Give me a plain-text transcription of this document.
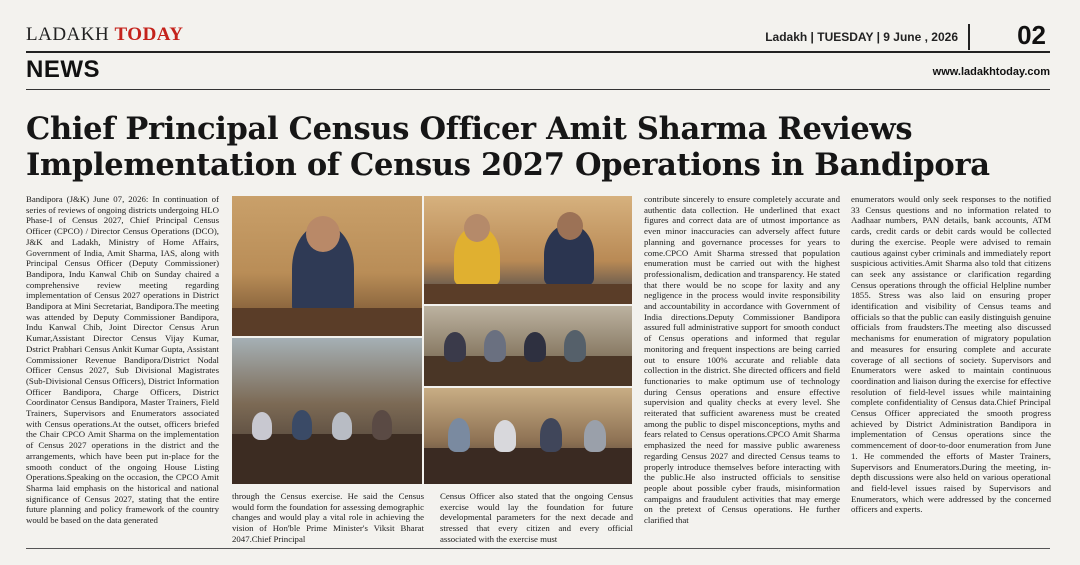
LADAKH TODAY	Ladakh | TUESDAY | 9 June , 2026 02
NEWS	www.ladakhtoday.com
Chief Principal Census Officer Amit Sharma Reviews
Implementation of Census 2027 Operations in Bandipora
Bandipora (J&K) June 07, 2026: In continuation of series of reviews of ongoing districts undergoing HLO Phase-I of Census 2027, Chief Principal Census Officer (CPCO) / Director Census Operations (DCO), J&K and Ladakh, Ministry of Home Affairs, Government of India, Amit Sharma, IAS, along with Principal Census Officer (Deputy Commissioner) Bandipora, Indu Kanwal Chib on Sunday chaired a comprehensive review meeting regarding implementation of Census 2027 operations in District Bandipora at Mini Secretariat, Bandipora.The meeting was attended by Deputy Commissioner Bandipora, Indu Kanwal Chib, Joint Director Census Arun Kumar,Assistant Director Census Vijay Kumar, Dstrict Prabhari Census Ankit Kumar Gupta, Assistant Commissioner Revenue Bandipora/District Nodal Officer Census 2027, Sub Divisional Magistrates (Sub-Divisional Census Officers), District Information Officer Bandipora, Charge Officers, District Coordinator Census Bandipora, Master Trainers, Field Trainers, Supervisors and Enumerators associated with Census operations.At the outset, officers briefed the Chair CPCO Amit Sharma on the implementation of Census 2027 operations in the district and the arrangements, which have been put in-place for the smooth conduct of the ongoing House Listing Operations.Speaking on the occasion, the CPCO Amit Sharma laid emphasis on the historical and national significance of Census 2027, stating that the entire future planning and policy framework of the country would be based on the data generated
through the Census exercise. He said the Census would form the foundation for assessing demographic changes and would play a vital role in achieving the vision of Hon'ble Prime Minister's Viksit Bharat 2047.Chief Principal
Census Officer also stated that the ongoing Census exercise would lay the foundation for future developmental parameters for the next decade and stressed that every citizen and every official associated with the exercise must
contribute sincerely to ensure completely accurate and authentic data collection. He underlined that exact figures and correct data are of utmost importance as even minor inaccuracies can adversely affect future planning and governance processes for years to come.CPCO Amit Sharma stressed that population enumeration must be carried out with the highest professionalism, dedication and transparency. He stated that there would be no scope for laxity and any negligence in the process would invite responsibility and accountability in accordance with Government of India directions.Deputy Commissioner Bandipora assured full administrative support for smooth conduct of Census operations and informed that regular monitoring and frequent inspections are being carried out to ensure 100% accurate and reliable data collection in the district. She directed officers and field functionaries to make optimum use of technology during Census operations and ensure effective supervision and quality checks at every level. She reiterated that sufficient awareness must be created among the public to dispel misconceptions, myths and fears related to Census operations.CPCO Amit Sharma emphasized the need for massive public awareness regarding Census 2027 and directed Census teams to properly introduce themselves before interacting with the public.He also instructed officials to sensitise people about possible cyber frauds, misinformation campaigns and fraudulent activities that may emerge on the pretext of Census operations. He further clarified that
enumerators would only seek responses to the notified 33 Census questions and no information related to Aadhaar numbers, PAN details, bank accounts, ATM cards, credit cards or debit cards would be collected during the exercise. People were advised to remain cautious against cyber criminals and immediately report suspicious activities.Amit Sharma also told that citizens can seek any assistance or clarification regarding Census operations through the official Helpline number 1855. Stress was also laid on ensuring proper identification and visibility of Census teams and officials so that the public can easily distinguish genuine officials from fraudsters.The meeting also discussed mechanisms for enumeration of migratory population and measures for ensuring complete and accurate coverage of all sections of society. Supervisors and Enumerators were asked to maintain continuous coordination and liaison during the exercise for effective resolution of field-level issues while maintaining complete confidentiality of Census data.Chief Principal Census Officer appreciated the smooth progress achieved by District Administration Bandipora in implementation of Census operations since the commencement of door-to-door enumeration from June 1. He commended the efforts of Master Trainers, Supervisors and Enumerators.During the meeting, in-depth discussions were also held on various operational and field-level issues raised by Supervisors and Enumerators, which were addressed by the concerned officers and experts.
